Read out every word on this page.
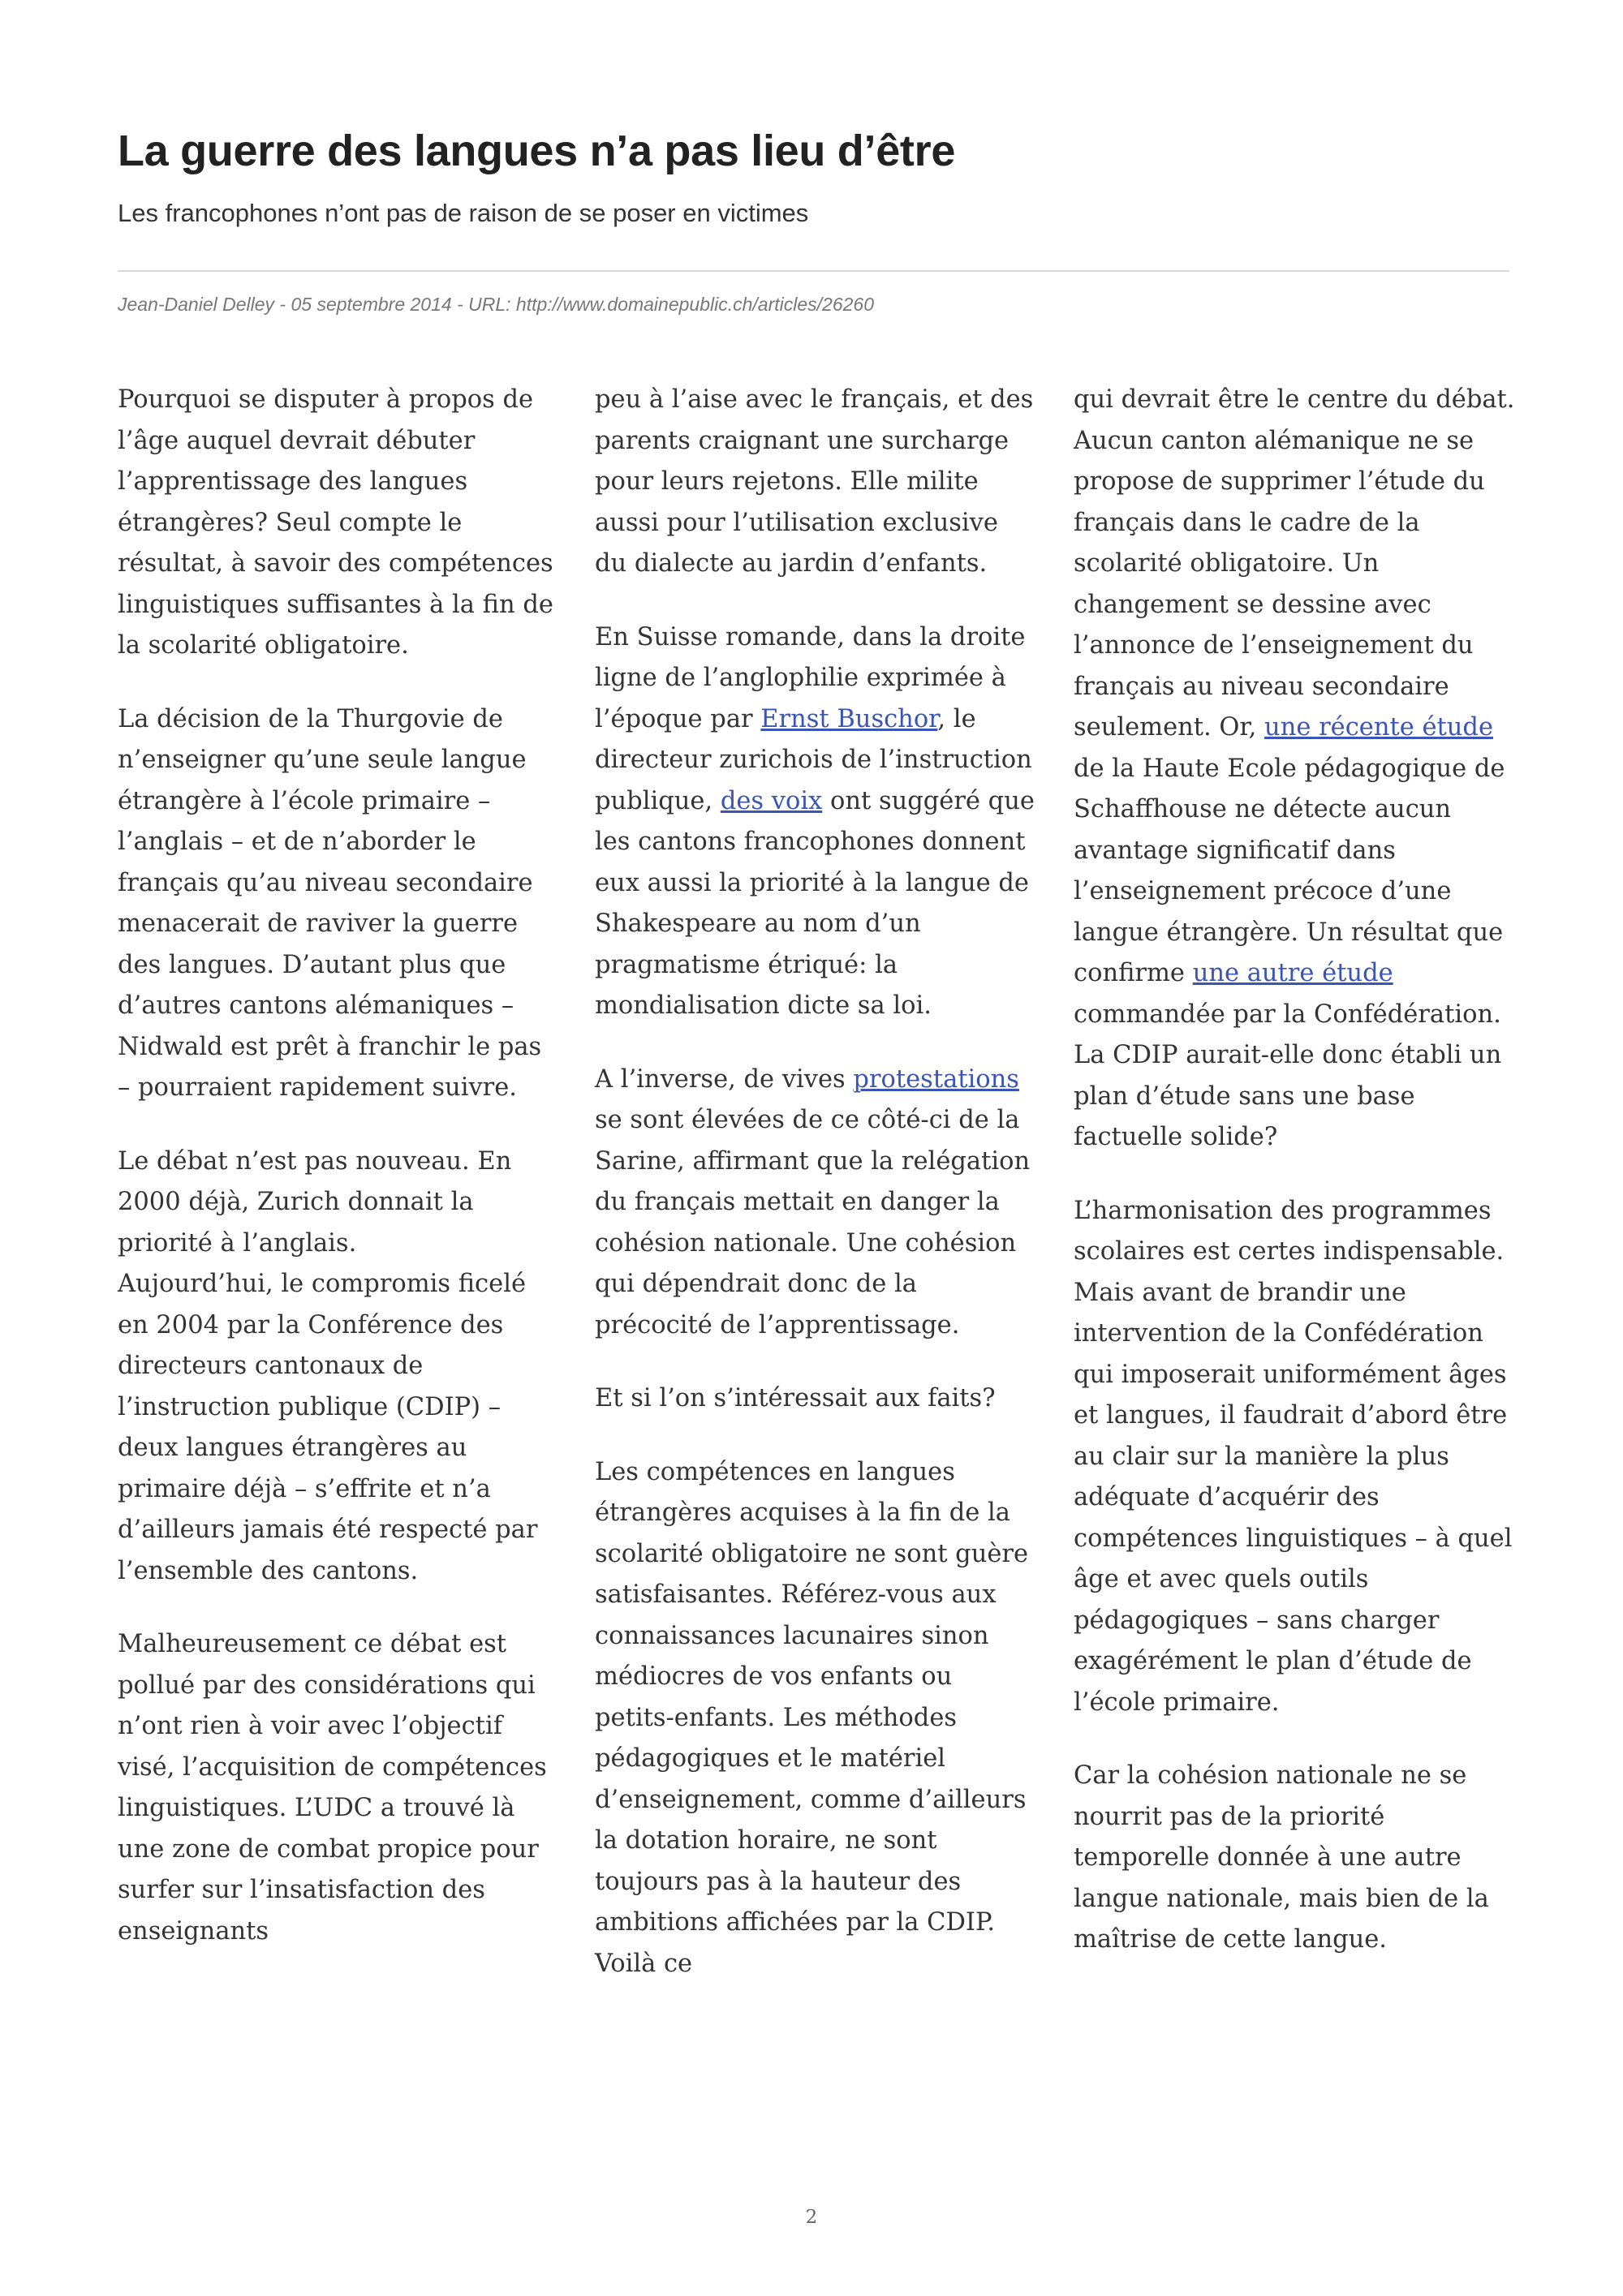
La guerre des langues n’a pas lieu d’être

Les francophones n’ont pas de raison de se poser en victimes

Jean-Daniel Delley - 05 septembre 2014 - URL: http://www.domainepublic.ch/articles/26260

Pourquoi se disputer à propos de l’âge auquel devrait débuter l’apprentissage des langues étrangères? Seul compte le résultat, à savoir des compétences linguistiques suffisantes à la fin de la scolarité obligatoire.

La décision de la Thurgovie de n’enseigner qu’une seule langue étrangère à l’école primaire – l’anglais – et de n’aborder le français qu’au niveau secondaire menacerait de raviver la guerre des langues. D’autant plus que d’autres cantons alémaniques – Nidwald est prêt à franchir le pas – pourraient rapidement suivre.

Le débat n’est pas nouveau. En 2000 déjà, Zurich donnait la priorité à l’anglais.

Aujourd’hui, le compromis ficelé en 2004 par la Conférence des directeurs cantonaux de l’instruction publique (CDIP) – deux langues étrangères au primaire déjà – s’effrite et n’a d’ailleurs jamais été respecté par l’ensemble des cantons.

Malheureusement ce débat est pollué par des considérations qui n’ont rien à voir avec l’objectif visé, l’acquisition de compétences linguistiques. L’UDC a trouvé là une zone de combat propice pour surfer sur l’insatisfaction des enseignants

peu à l’aise avec le français, et des parents craignant une surcharge pour leurs rejetons. Elle milite aussi pour l’utilisation exclusive du dialecte au jardin d’enfants.

En Suisse romande, dans la droite ligne de l’anglophilie exprimée à l’époque par Ernst Buschor, le directeur zurichois de l’instruction publique, des voix ont suggéré que les cantons francophones donnent eux aussi la priorité à la langue de Shakespeare au nom d’un pragmatisme étriqué: la mondialisation dicte sa loi.

A l’inverse, de vives protestations se sont élevées de ce côté-ci de la Sarine, affirmant que la relégation du français mettait en danger la cohésion nationale. Une cohésion qui dépendrait donc de la précocité de l’apprentissage.

Et si l’on s’intéressait aux faits?

Les compétences en langues étrangères acquises à la fin de la scolarité obligatoire ne sont guère satisfaisantes. Référez-vous aux connaissances lacunaires sinon médiocres de vos enfants ou petits-enfants. Les méthodes pédagogiques et le matériel d’enseignement, comme d’ailleurs la dotation horaire, ne sont toujours pas à la hauteur des ambitions affichées par la CDIP. Voilà ce

qui devrait être le centre du débat.

Aucun canton alémanique ne se propose de supprimer l’étude du français dans le cadre de la scolarité obligatoire. Un changement se dessine avec l’annonce de l’enseignement du français au niveau secondaire seulement. Or, une récente étude de la Haute Ecole pédagogique de Schaffhouse ne détecte aucun avantage significatif dans l’enseignement précoce d’une langue étrangère. Un résultat que confirme une autre étude commandée par la Confédération. La CDIP aurait-elle donc établi un plan d’étude sans une base factuelle solide?

L’harmonisation des programmes scolaires est certes indispensable. Mais avant de brandir une intervention de la Confédération qui imposerait uniformément âges et langues, il faudrait d’abord être au clair sur la manière la plus adéquate d’acquérir des compétences linguistiques – à quel âge et avec quels outils pédagogiques – sans charger exagérément le plan d’étude de l’école primaire.

Car la cohésion nationale ne se nourrit pas de la priorité temporelle donnée à une autre langue nationale, mais bien de la maîtrise de cette langue.

2
